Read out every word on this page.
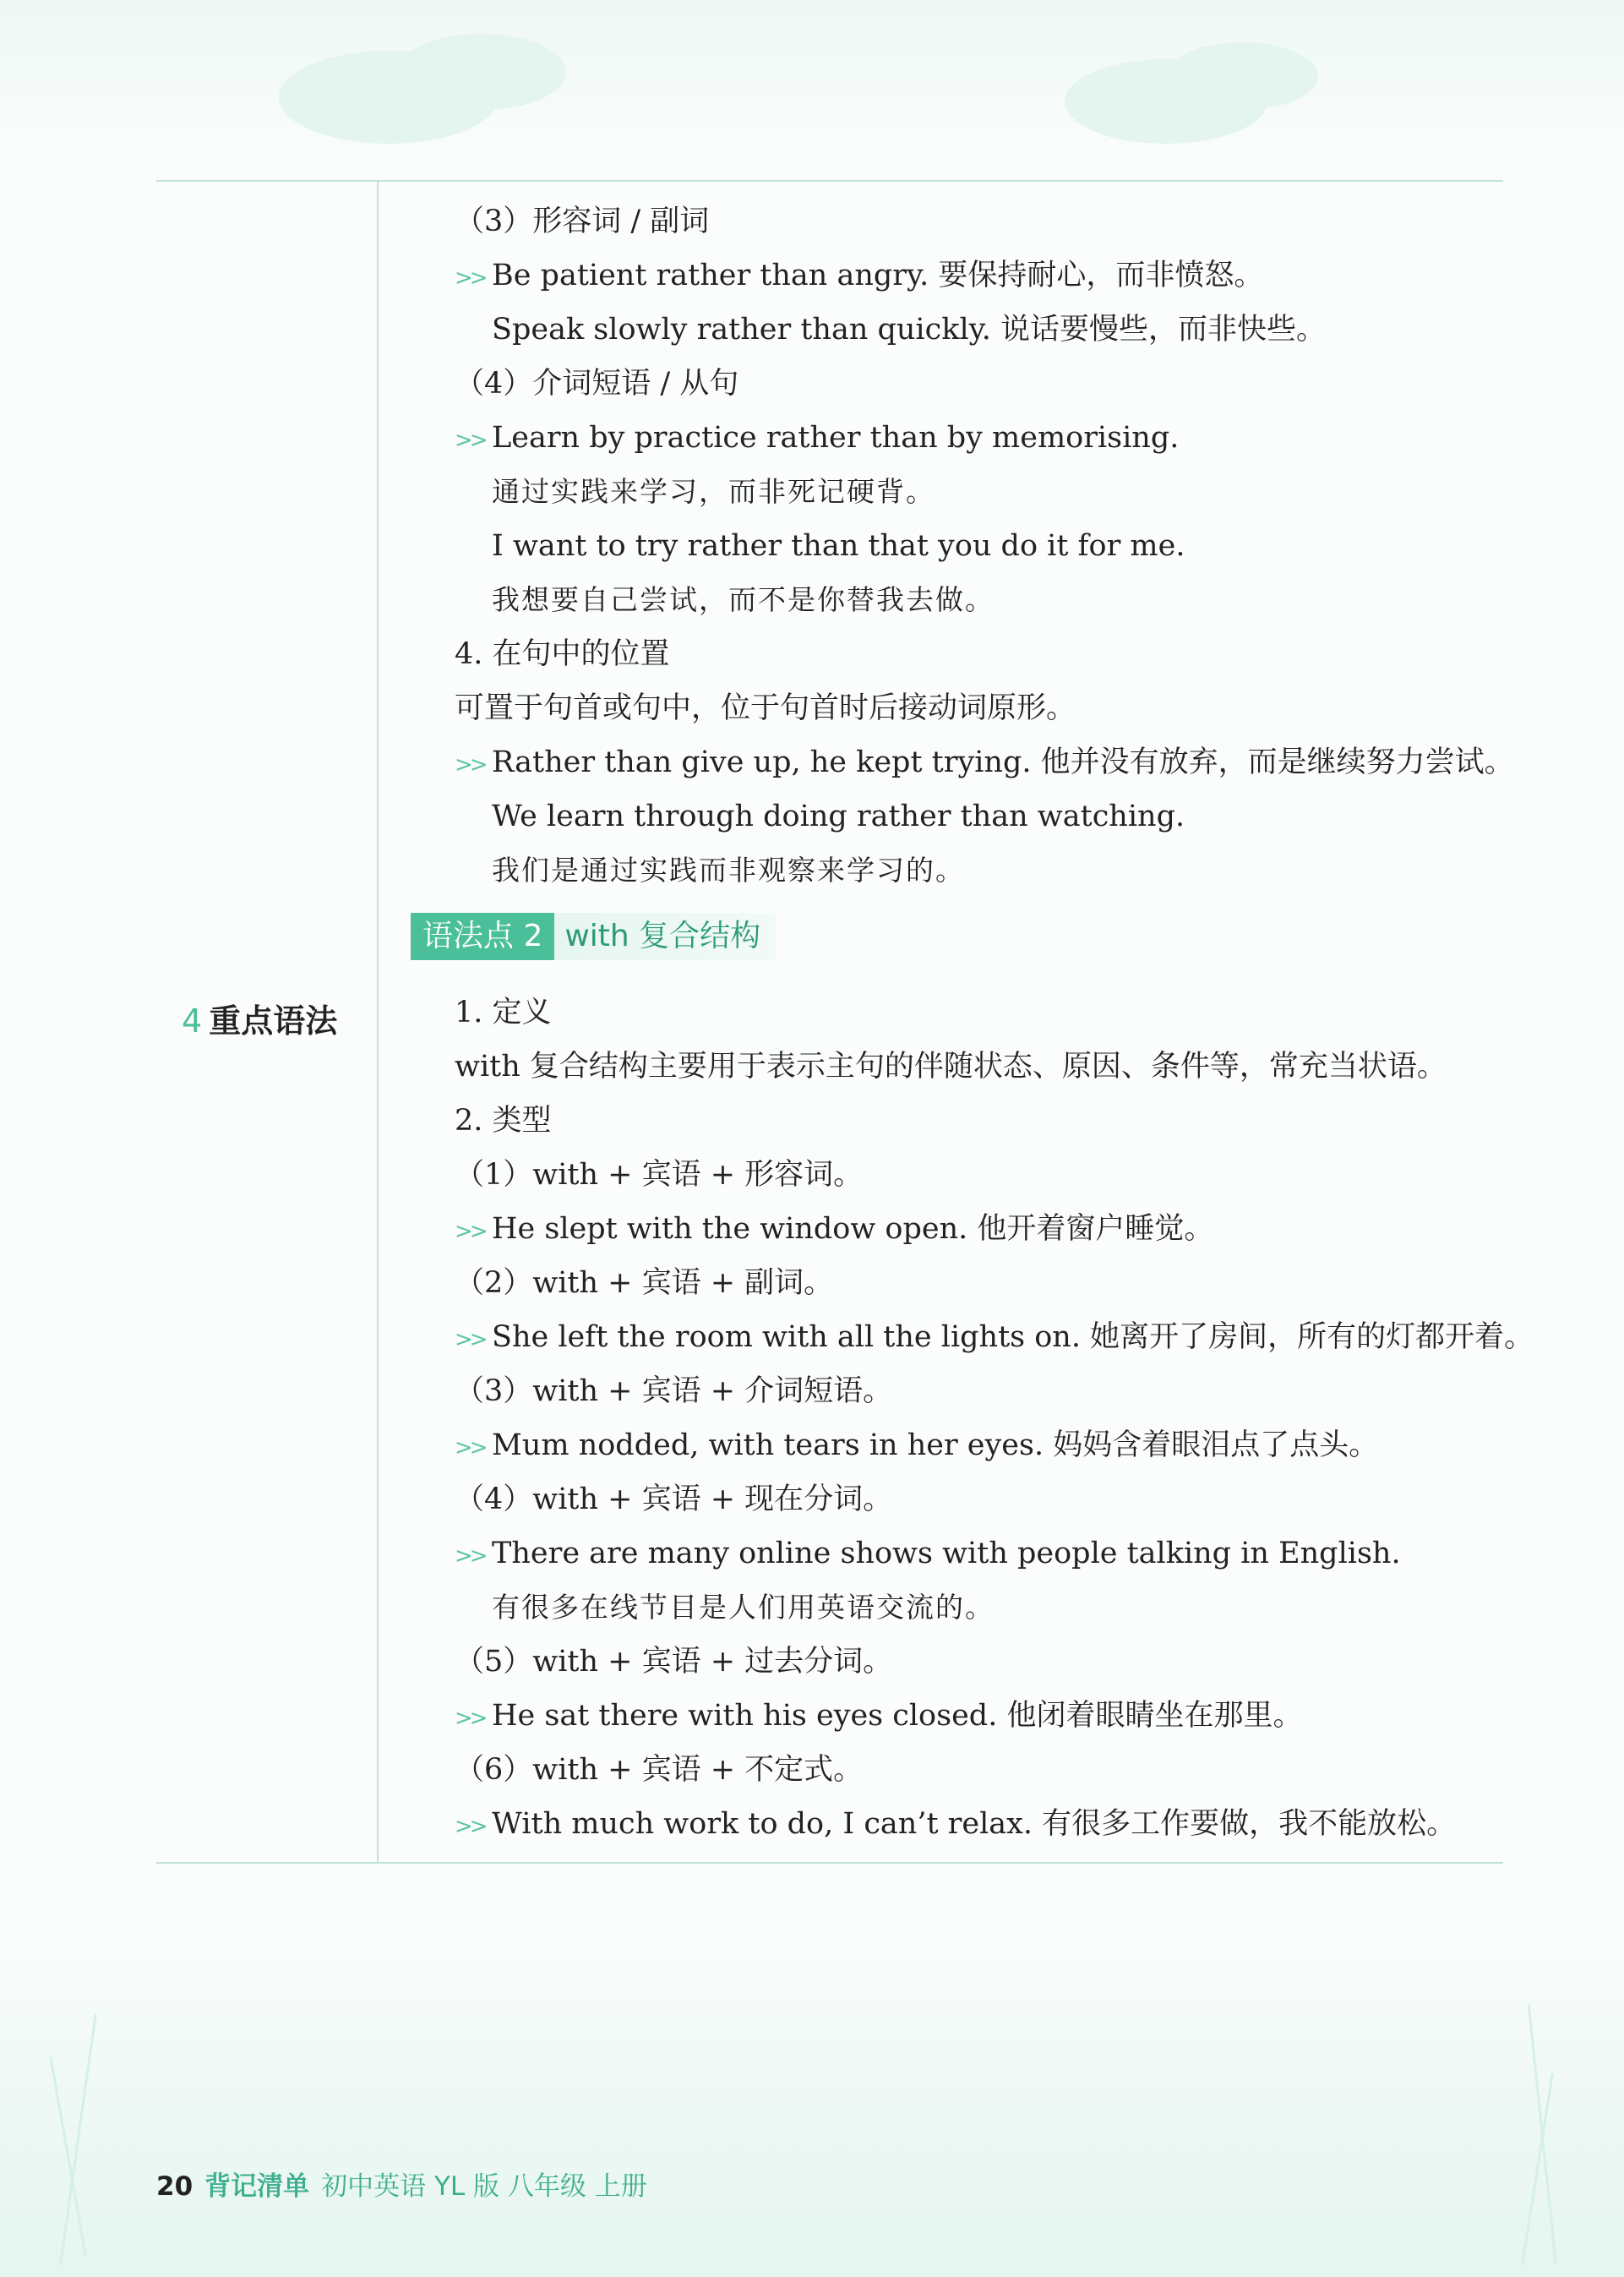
4 重点语法
（3）形容词 / 副词
>> Be patient rather than angry. 要保持耐心，而非愤怒。
Speak slowly rather than quickly. 说话要慢些，而非快些。
（4）介词短语 / 从句
>> Learn by practice rather than by memorising.
通过实践来学习，而非死记硬背。
I want to try rather than that you do it for me.
我想要自己尝试，而不是你替我去做。
4. 在句中的位置
可置于句首或句中，位于句首时后接动词原形。
>> Rather than give up, he kept trying. 他并没有放弃，而是继续努力尝试。
We learn through doing rather than watching.
我们是通过实践而非观察来学习的。
语法点 2 with 复合结构
1. 定义
with 复合结构主要用于表示主句的伴随状态、原因、条件等，常充当状语。
2. 类型
（1）with + 宾语 + 形容词。
>> He slept with the window open. 他开着窗户睡觉。
（2）with + 宾语 + 副词。
>> She left the room with all the lights on. 她离开了房间，所有的灯都开着。
（3）with + 宾语 + 介词短语。
>> Mum nodded, with tears in her eyes. 妈妈含着眼泪点了点头。
（4）with + 宾语 + 现在分词。
>> There are many online shows with people talking in English.
有很多在线节目是人们用英语交流的。
（5）with + 宾语 + 过去分词。
>> He sat there with his eyes closed. 他闭着眼睛坐在那里。
（6）with + 宾语 + 不定式。
>> With much work to do, I can’t relax. 有很多工作要做，我不能放松。
20 背记清单 初中英语 YL 版 八年级 上册
